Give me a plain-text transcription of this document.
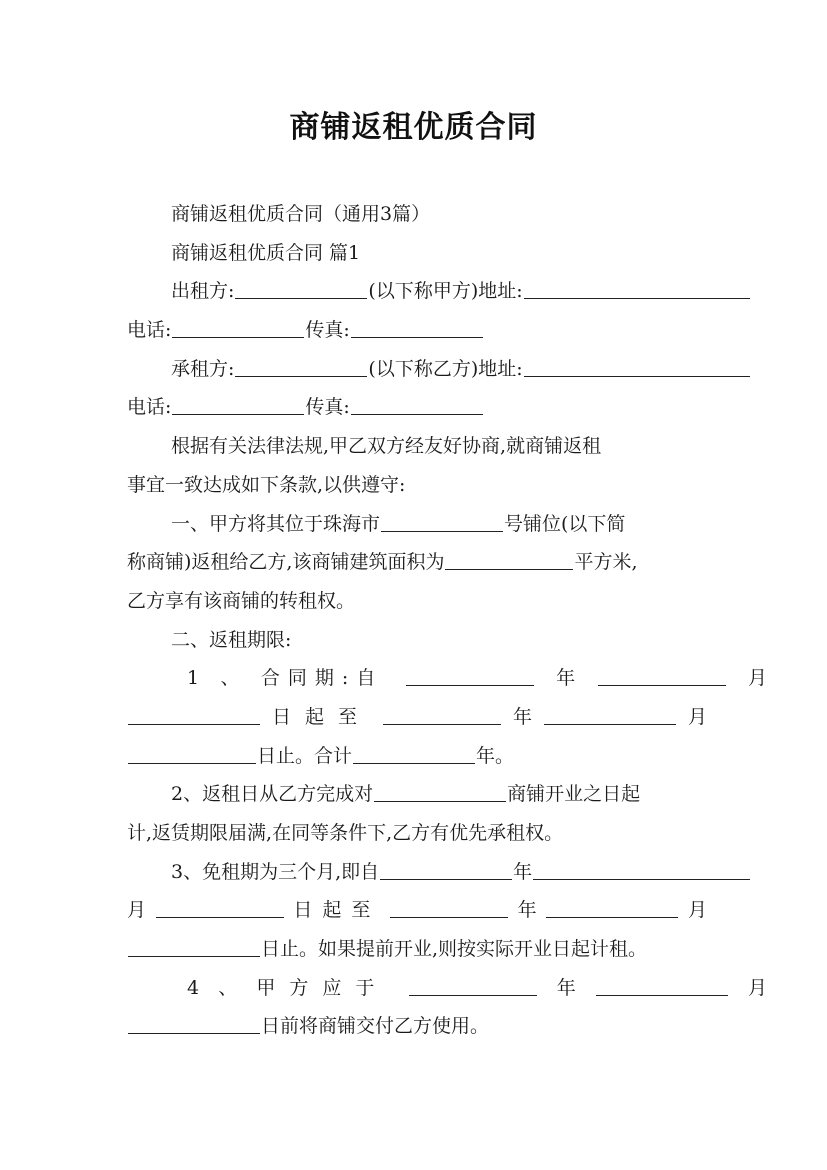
商铺返租优质合同
商铺返租优质合同（通用3篇）
商铺返租优质合同 篇1
出租方:	(以下称甲方)地址:
电话:	传真:
承租方:	(以下称乙方)地址:
电话:	传真:
根据有关法律法规,甲乙双方经友好协商,就商铺返租
事宜一致达成如下条款,以供遵守:
一、甲方将其位于珠海市	号铺位(以下简
称商铺)返租给乙方,该商铺建筑面积为	平方米,
乙方享有该商铺的转租权。
二、返租期限:
1 、 合同期:自	年	月
日起至	年	月
日止。合计	年。
2、返租日从乙方完成对	商铺开业之日起
计,返赁期限届满,在同等条件下,乙方有优先承租权。
3、免租期为三个月,即自	年
月	日起至	年	月
日止。如果提前开业,则按实际开业日起计租。
4 、 甲方应于	年	月
日前将商铺交付乙方使用。
